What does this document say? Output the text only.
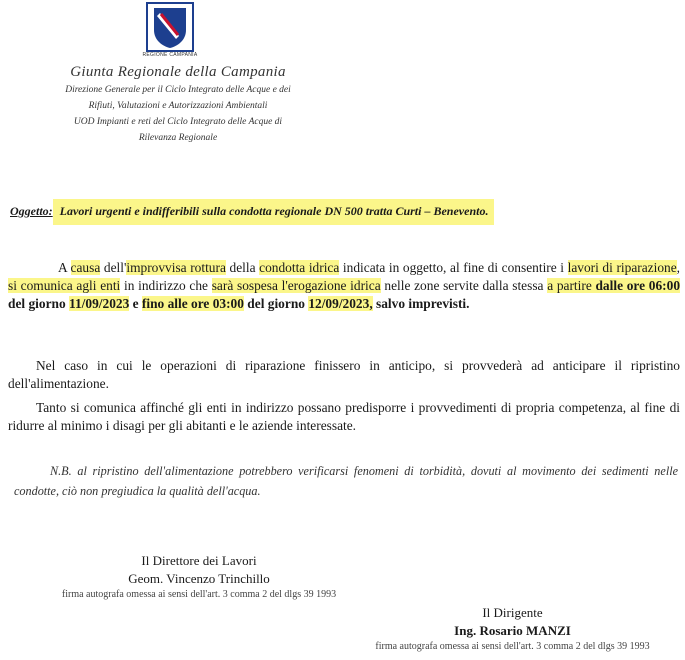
REGIONE CAMPANIA
Giunta Regionale della Campania
Direzione Generale per il Ciclo Integrato delle Acque e dei
Rifiuti, Valutazioni e Autorizzazioni Ambientali
UOD Impianti e reti del Ciclo Integrato delle Acque di
Rilevanza Regionale
Oggetto: Lavori urgenti e indifferibili sulla condotta regionale DN 500 tratta Curti – Benevento.
A causa dell'improvvisa rottura della condotta idrica indicata in oggetto, al fine di consentire i lavori di riparazione, si comunica agli enti in indirizzo che sarà sospesa l'erogazione idrica nelle zone servite dalla stessa a partire dalle ore 06:00 del giorno 11/09/2023 e fino alle ore 03:00 del giorno 12/09/2023, salvo imprevisti.
Nel caso in cui le operazioni di riparazione finissero in anticipo, si provvederà ad anticipare il ripristino dell'alimentazione.
Tanto si comunica affinché gli enti in indirizzo possano predisporre i provvedimenti di propria competenza, al fine di ridurre al minimo i disagi per gli abitanti e le aziende interessate.
N.B. al ripristino dell'alimentazione potrebbero verificarsi fenomeni di torbidità, dovuti al movimento dei sedimenti nelle condotte, ciò non pregiudica la qualità dell'acqua.
Il Direttore dei Lavori
Geom. Vincenzo Trinchillo
firma autografa omessa ai sensi dell'art. 3 comma 2 del dlgs 39 1993
Il Dirigente
Ing. Rosario MANZI
firma autografa omessa ai sensi dell'art. 3 comma 2 del dlgs 39 1993
